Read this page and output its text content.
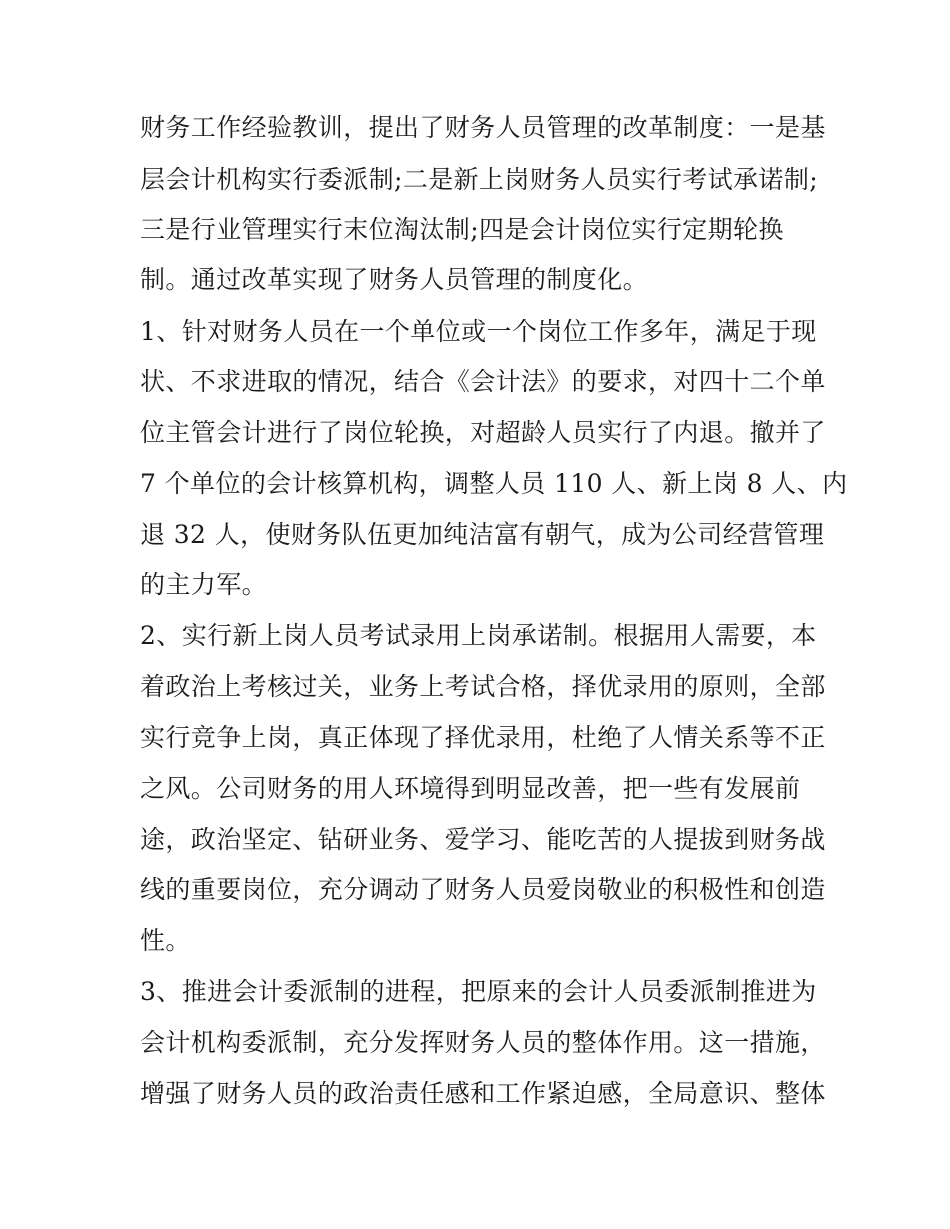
财务工作经验教训，提出了财务人员管理的改革制度：一是基
层会计机构实行委派制;二是新上岗财务人员实行考试承诺制;
三是行业管理实行末位淘汰制;四是会计岗位实行定期轮换
制。通过改革实现了财务人员管理的制度化。
1、针对财务人员在一个单位或一个岗位工作多年，满足于现
状、不求进取的情况，结合《会计法》的要求，对四十二个单
位主管会计进行了岗位轮换，对超龄人员实行了内退。撤并了
7 个单位的会计核算机构，调整人员 110 人、新上岗 8 人、内
退 32 人，使财务队伍更加纯洁富有朝气，成为公司经营管理
的主力军。
2、实行新上岗人员考试录用上岗承诺制。根据用人需要，本
着政治上考核过关，业务上考试合格，择优录用的原则，全部
实行竞争上岗，真正体现了择优录用，杜绝了人情关系等不正
之风。公司财务的用人环境得到明显改善，把一些有发展前
途，政治坚定、钻研业务、爱学习、能吃苦的人提拔到财务战
线的重要岗位，充分调动了财务人员爱岗敬业的积极性和创造
性。
3、推进会计委派制的进程，把原来的会计人员委派制推进为
会计机构委派制，充分发挥财务人员的整体作用。这一措施，
增强了财务人员的政治责任感和工作紧迫感，全局意识、整体
